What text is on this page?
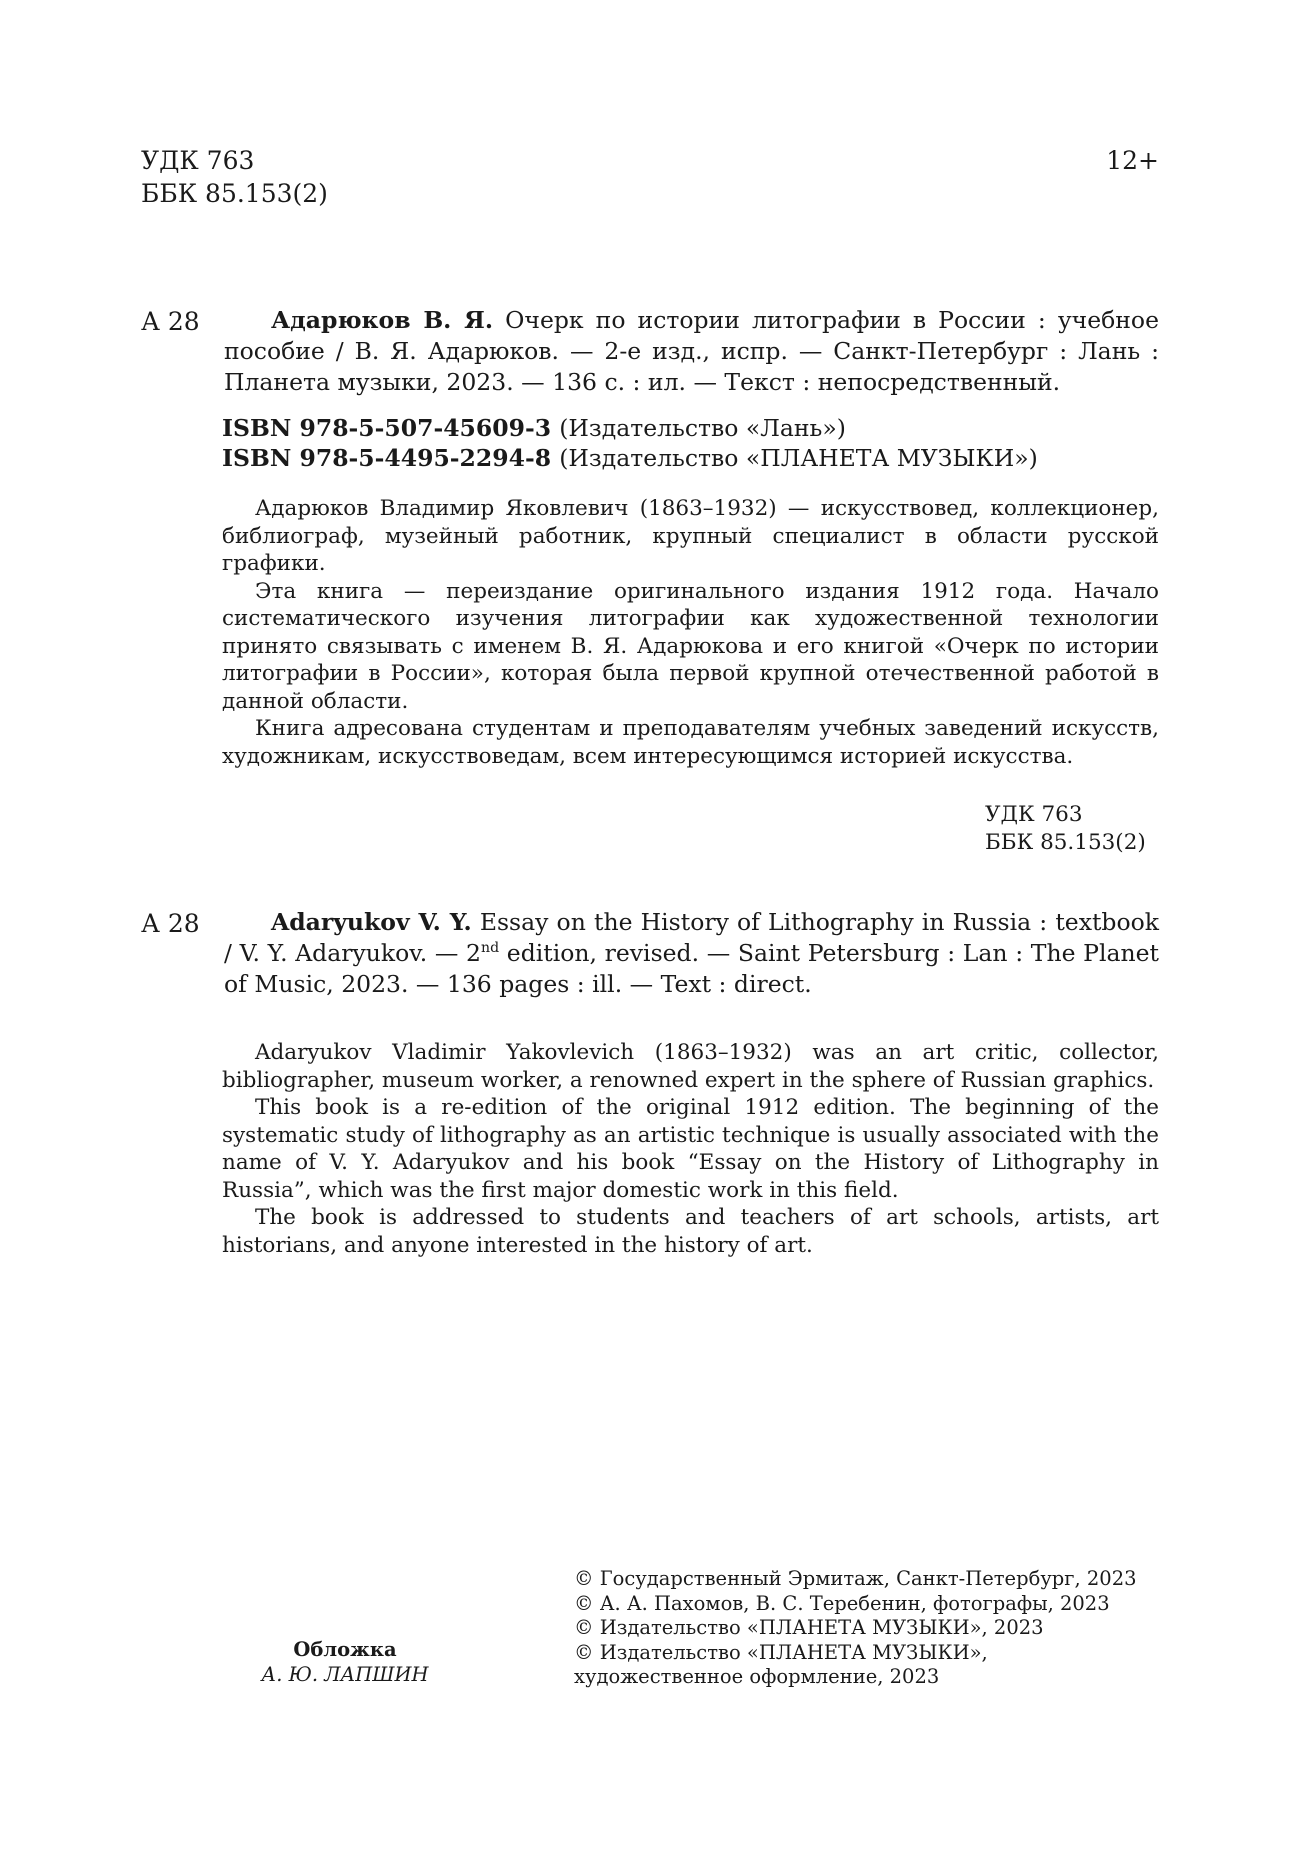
УДК 763
ББК 85.153(2)
12+
А 28	Адарюков В. Я. Очерк по истории литографии в России : учебное пособие / В. Я. Адарюков. — 2-е изд., испр. — Санкт-Петербург : Лань : Планета музыки, 2023. — 136 с. : ил. — Текст : непосредственный.
ISBN 978-5-507-45609-3 (Издательство «Лань»)
ISBN 978-5-4495-2294-8 (Издательство «ПЛАНЕТА МУЗЫКИ»)

Адарюков Владимир Яковлевич (1863–1932) — искусствовед, коллекционер, библиограф, музейный работник, крупный специалист в области русской графики.

Эта книга — переиздание оригинального издания 1912 года. Начало систематического изучения литографии как художественной технологии принято связывать с именем В. Я. Адарюкова и его книгой «Очерк по истории литографии в России», которая была первой крупной отечественной работой в данной области.

Книга адресована студентам и преподавателям учебных заведений искусств, художникам, искусствоведам, всем интересующимся историей искусства.

УДК 763
ББК 85.153(2)
А 28	Adaryukov V. Y. Essay on the History of Lithography in Russia : textbook / V. Y. Adaryukov. — 2nd edition, revised. — Saint Petersburg : Lan : The Planet of Music, 2023. — 136 pages : ill. — Text : direct.

Adaryukov Vladimir Yakovlevich (1863–1932) was an art critic, collector, bibliographer, museum worker, a renowned expert in the sphere of Russian graphics.

This book is a re-edition of the original 1912 edition. The beginning of the systematic study of lithography as an artistic technique is usually associated with the name of V. Y. Adaryukov and his book “Essay on the History of Lithography in Russia”, which was the first major domestic work in this field.

The book is addressed to students and teachers of art schools, artists, art historians, and anyone interested in the history of art.

Обложка
А. Ю. ЛАПШИН

© Государственный Эрмитаж, Санкт-Петербург, 2023

© А. А. Пахомов, В. С. Теребенин, фотографы, 2023

© Издательство «ПЛАНЕТА МУЗЫКИ», 2023

© Издательство «ПЛАНЕТА МУЗЫКИ», художественное оформление, 2023
